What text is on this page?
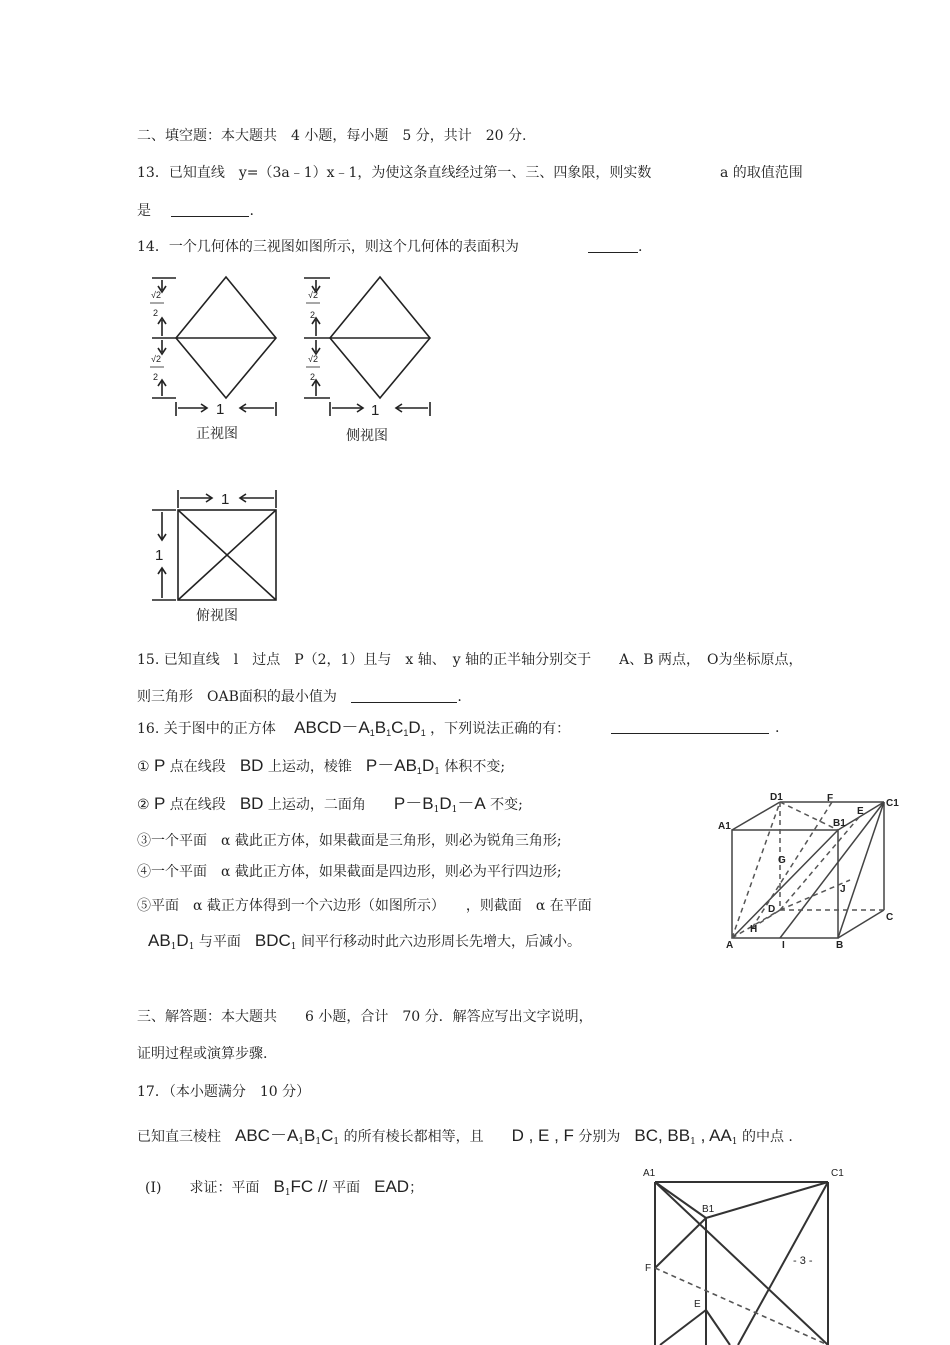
二、填空题：本大题共　4 小题，每小题　5 分，共计　20 分.
13．已知直线　y=（3a﹣1）x﹣1，为使这条直线经过第一、三、四象限，则实数	a 的取值范围
是	.
14．一个几何体的三视图如图所示，则这个几何体的表面积为	.
√2
2
√2
2
√2
2
√2
2
1	1
1
1
正视图	侧视图
俯视图
15. 已知直线　l　过点　P（2，1）且与　x 轴、　y 轴的正半轴分别交于　　A、B 两点，　O为坐标原点，
则三角形　OAB面积的最小值为	.
16. 关于图中的正方体 $ABCD-A_1B_1C_1D_1$ ，下列说法正确的有：	.
① P 点在线段　BD 上运动，棱锥　$P-AB_1D_1$ 体积不变;
② P 点在线段　BD 上运动，二面角　　$P-B_1D_1-A$ 不变;
③一个平面　α 截此正方体，如果截面是三角形，则必为锐角三角形;
④一个平面　α 截此正方体，如果截面是四边形，则必为平行四边形;
⑤平面　α 截正方体得到一个六边形（如图所示）　　，则截面　α 在平面
$AB_1D_1$ 与平面　$BDC_1$ 间平行移动时此六边形周长先增大，后减小。
D1	F
E
C1
A1	B1
G
J
D
C
H
A	I	B
三、解答题：本大题共　　6 小题，合计　70 分．解答应写出文字说明，
证明过程或演算步骤.
17．（本小题满分　10 分）
已知直三棱柱　$ABC-A_1B_1C_1$ 的所有棱长都相等，且　　D , E , F 分别为　BC, $BB_1$ , $AA_1$ 的中点 .
(I)　　求证：平面　$B_1FC$ // 平面　EAD；
A1	C1
B1
F
E
- 3 -
